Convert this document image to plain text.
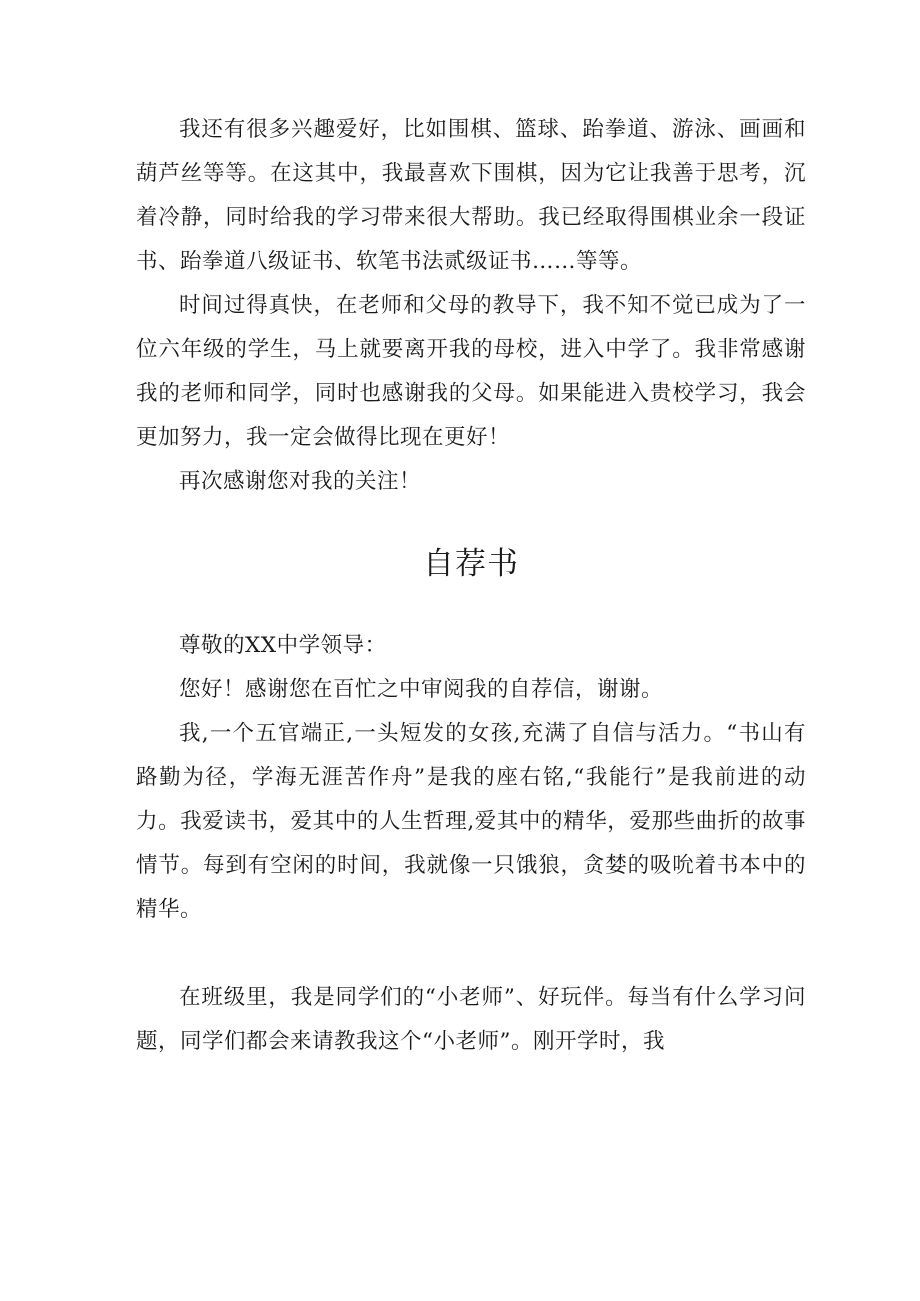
我还有很多兴趣爱好，比如围棋、篮球、跆拳道、游泳、画画和葫芦丝等等。在这其中，我最喜欢下围棋，因为它让我善于思考，沉着冷静，同时给我的学习带来很大帮助。我已经取得围棋业余一段证书、跆拳道八级证书、软笔书法贰级证书……等等。

时间过得真快，在老师和父母的教导下，我不知不觉已成为了一位六年级的学生，马上就要离开我的母校，进入中学了。我非常感谢我的老师和同学，同时也感谢我的父母。如果能进入贵校学习，我会更加努力，我一定会做得比现在更好！

再次感谢您对我的关注！

自荐书

尊敬的XX中学领导：

您好！感谢您在百忙之中审阅我的自荐信，谢谢。

我,一个五官端正,一头短发的女孩,充满了自信与活力。“书山有路勤为径，学海无涯苦作舟”是我的座右铭,“我能行”是我前进的动力。我爱读书，爱其中的人生哲理,爱其中的精华，爱那些曲折的故事情节。每到有空闲的时间，我就像一只饿狼，贪婪的吸吮着书本中的精华。

在班级里，我是同学们的“小老师”、好玩伴。每当有什么学习问题，同学们都会来请教我这个“小老师”。刚开学时，我
